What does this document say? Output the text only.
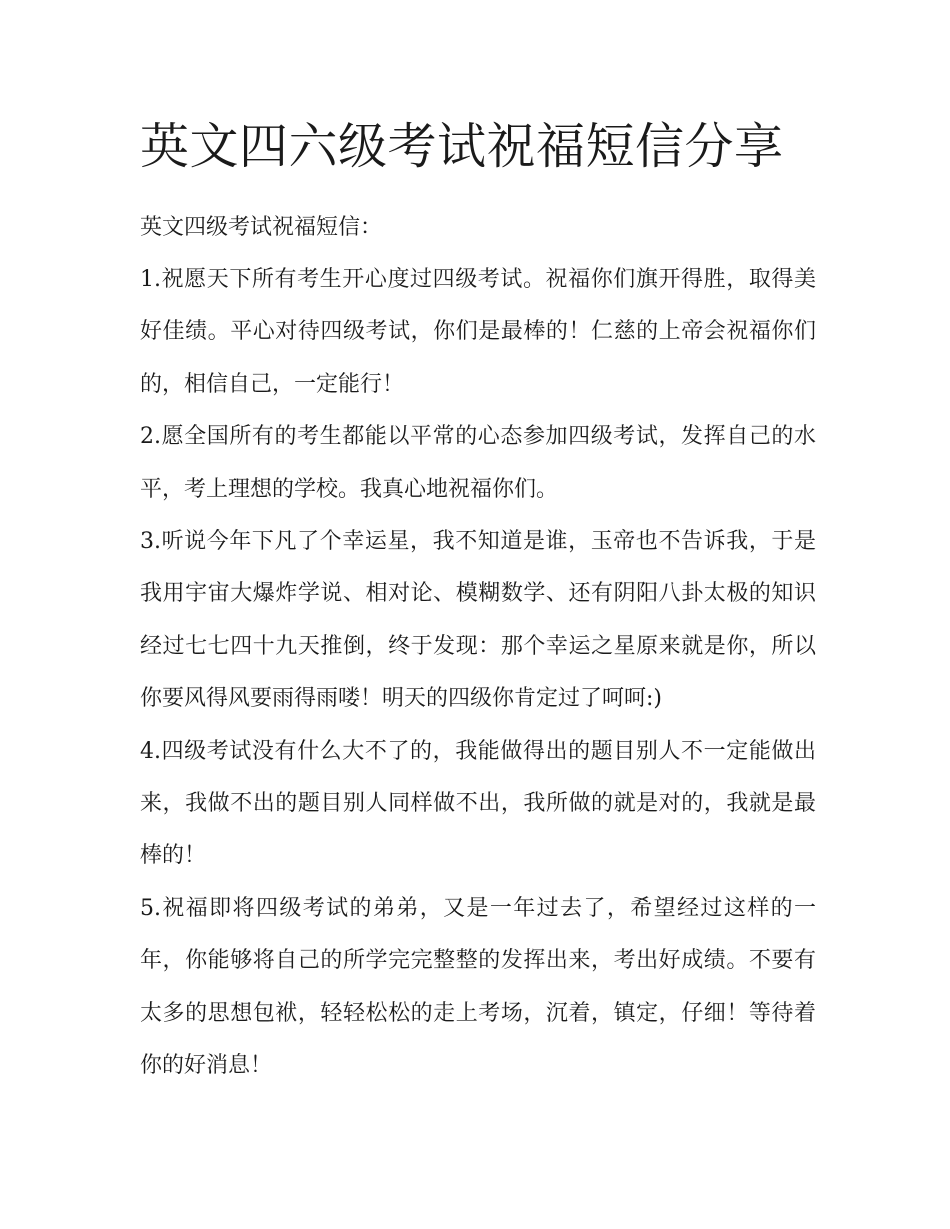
英文四六级考试祝福短信分享

英文四级考试祝福短信：

1.祝愿天下所有考生开心度过四级考试。祝福你们旗开得胜，取得美好佳绩。平心对待四级考试，你们是最棒的！仁慈的上帝会祝福你们的，相信自己，一定能行！

2.愿全国所有的考生都能以平常的心态参加四级考试，发挥自己的水平，考上理想的学校。我真心地祝福你们。

3.听说今年下凡了个幸运星，我不知道是谁，玉帝也不告诉我，于是我用宇宙大爆炸学说、相对论、模糊数学、还有阴阳八卦太极的知识经过七七四十九天推倒，终于发现：那个幸运之星原来就是你，所以你要风得风要雨得雨喽！明天的四级你肯定过了呵呵:)

4.四级考试没有什么大不了的，我能做得出的题目别人不一定能做出来，我做不出的题目别人同样做不出，我所做的就是对的，我就是最棒的！

5.祝福即将四级考试的弟弟，又是一年过去了，希望经过这样的一年，你能够将自己的所学完完整整的发挥出来，考出好成绩。不要有太多的思想包袱，轻轻松松的走上考场，沉着，镇定，仔细！等待着你的好消息！
